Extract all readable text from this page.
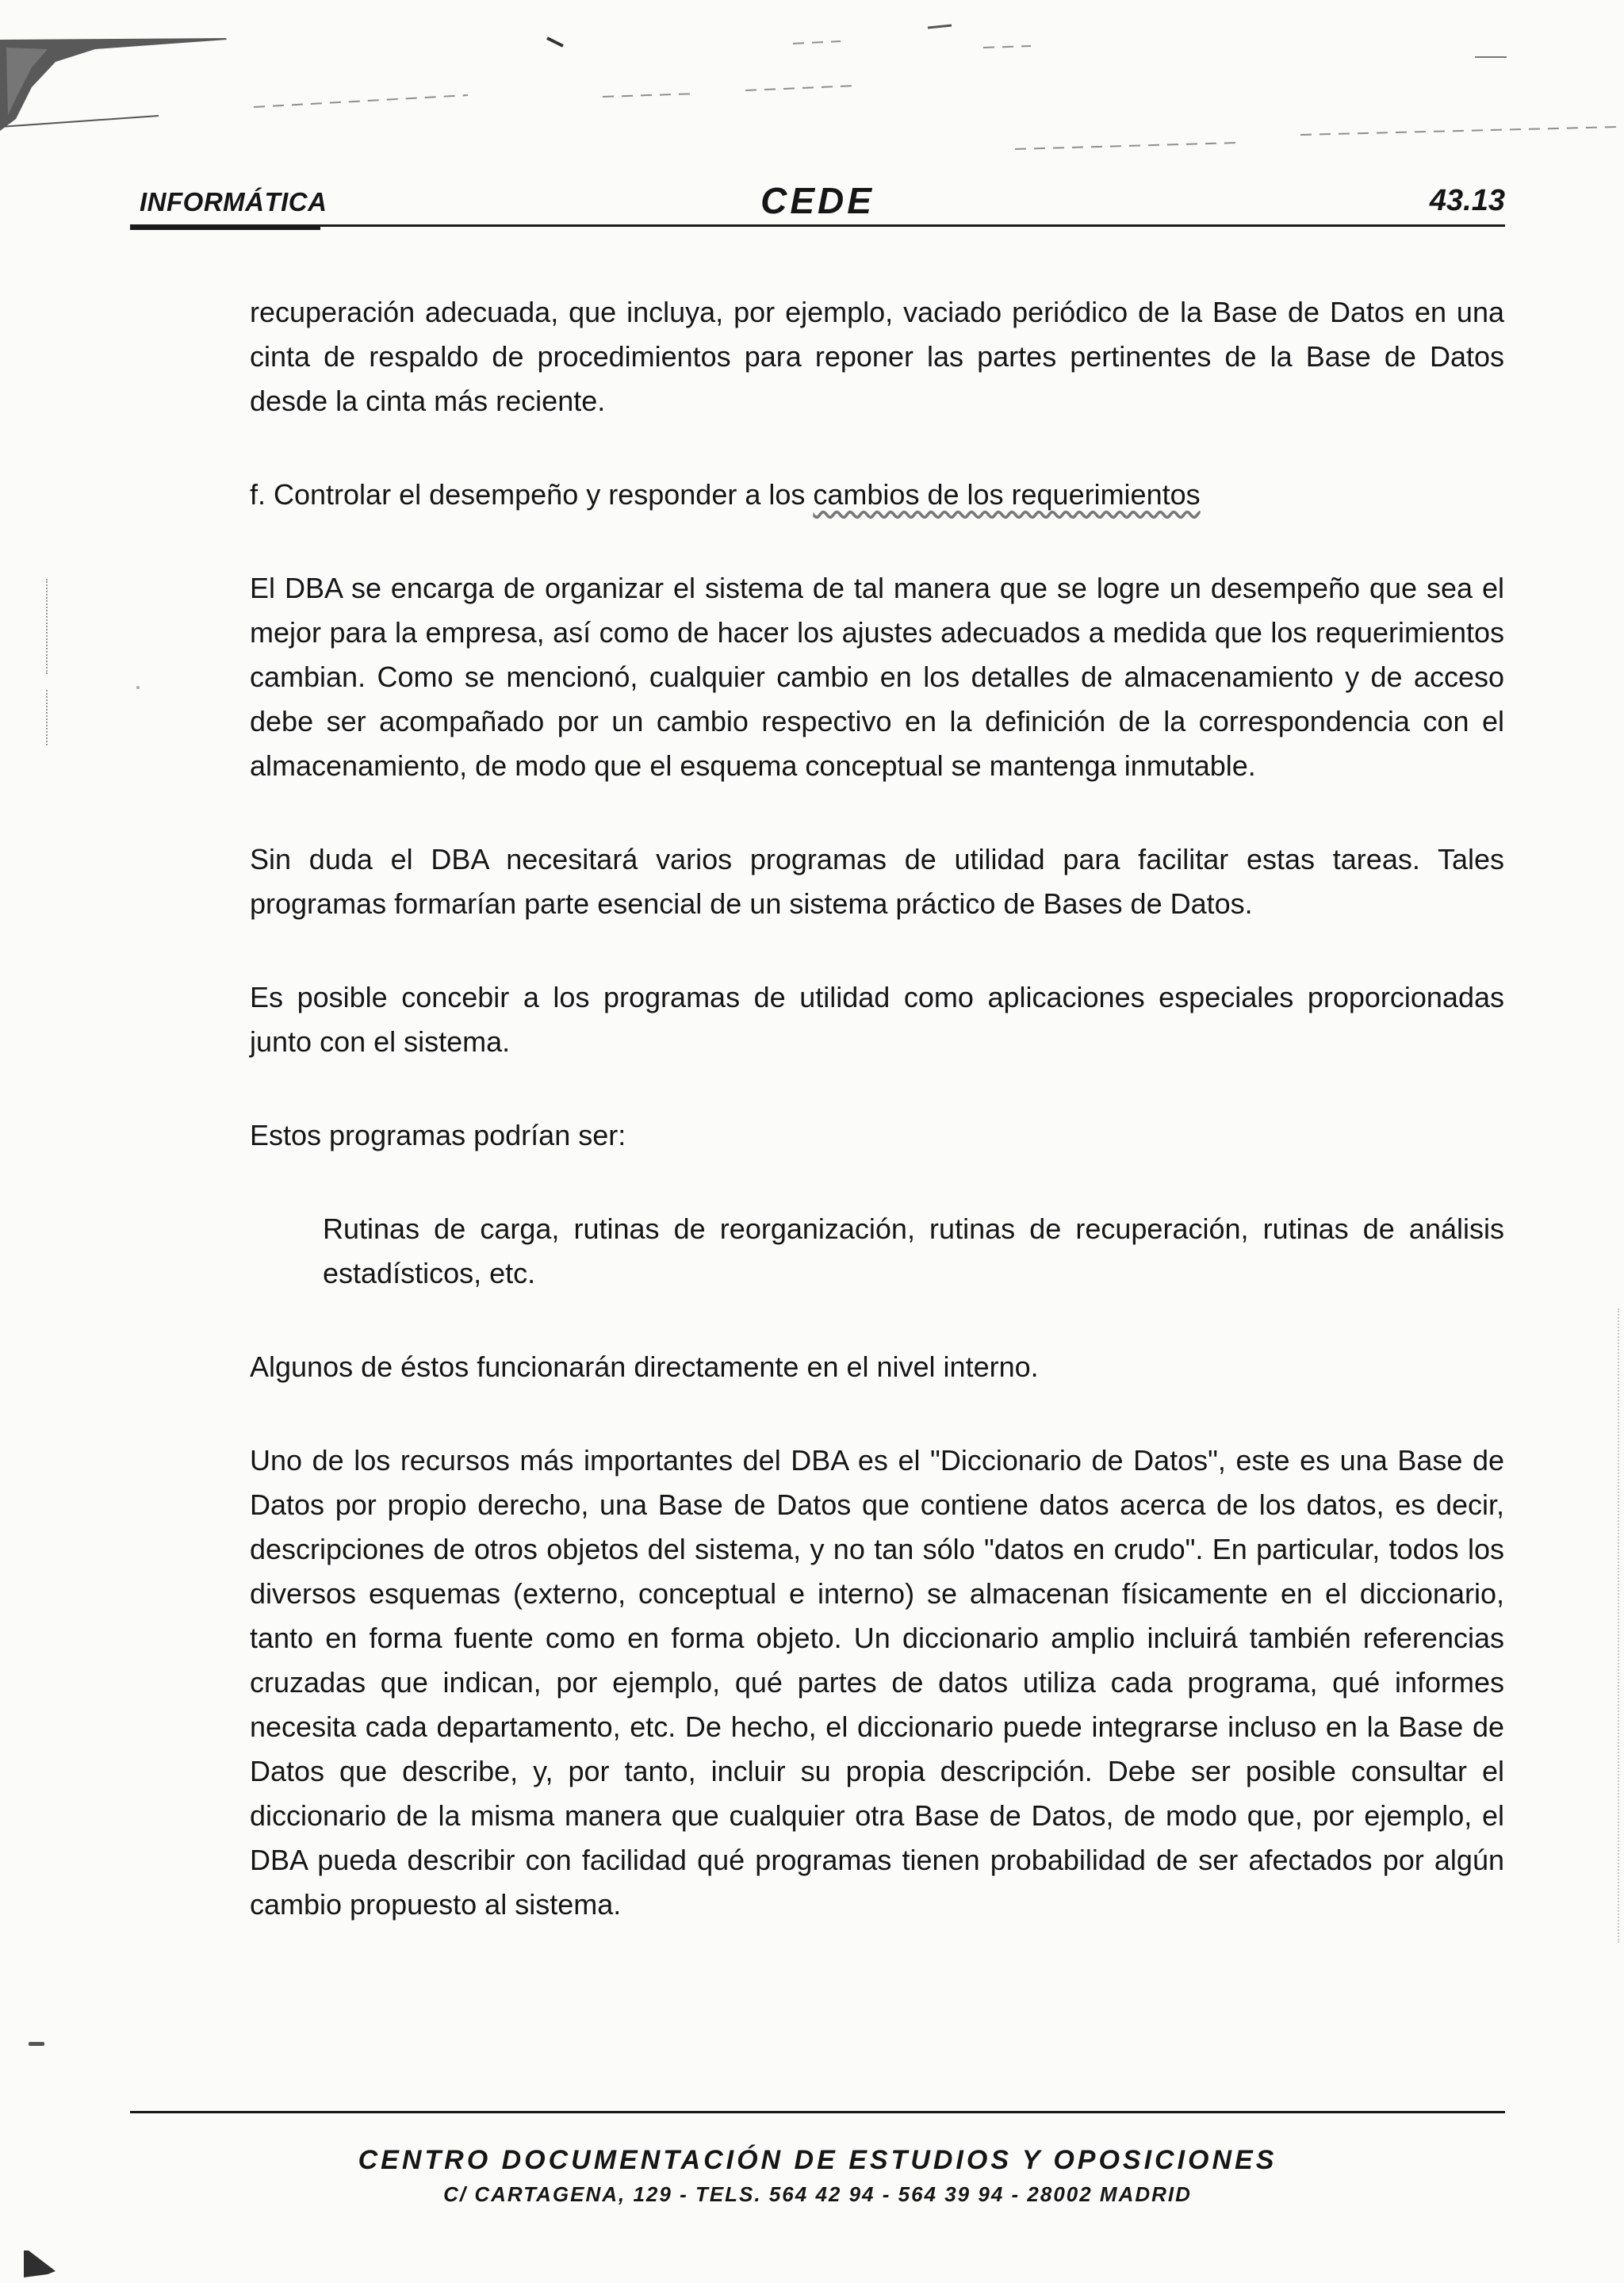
INFORMÁTICA	CEDE	43.13

recuperación adecuada, que incluya, por ejemplo, vaciado periódico de la Base de Datos en una cinta de respaldo de procedimientos para reponer las partes pertinentes de la Base de Datos desde la cinta más reciente.

f. Controlar el desempeño y responder a los cambios de los requerimientos

El DBA se encarga de organizar el sistema de tal manera que se logre un desempeño que sea el mejor para la empresa, así como de hacer los ajustes adecuados a medida que los requerimientos cambian. Como se mencionó, cualquier cambio en los detalles de almacenamiento y de acceso debe ser acompañado por un cambio respectivo en la definición de la correspondencia con el almacenamiento, de modo que el esquema conceptual se mantenga inmutable.

Sin duda el DBA necesitará varios programas de utilidad para facilitar estas tareas. Tales programas formarían parte esencial de un sistema práctico de Bases de Datos.

Es posible concebir a los programas de utilidad como aplicaciones especiales proporcionadas junto con el sistema.

Estos programas podrían ser:

Rutinas de carga, rutinas de reorganización, rutinas de recuperación, rutinas de análisis estadísticos, etc.

Algunos de éstos funcionarán directamente en el nivel interno.

Uno de los recursos más importantes del DBA es el "Diccionario de Datos", este es una Base de Datos por propio derecho, una Base de Datos que contiene datos acerca de los datos, es decir, descripciones de otros objetos del sistema, y no tan sólo "datos en crudo". En particular, todos los diversos esquemas (externo, conceptual e interno) se almacenan físicamente en el diccionario, tanto en forma fuente como en forma objeto. Un diccionario amplio incluirá también referencias cruzadas que indican, por ejemplo, qué partes de datos utiliza cada programa, qué informes necesita cada departamento, etc. De hecho, el diccionario puede integrarse incluso en la Base de Datos que describe, y, por tanto, incluir su propia descripción. Debe ser posible consultar el diccionario de la misma manera que cualquier otra Base de Datos, de modo que, por ejemplo, el DBA pueda describir con facilidad qué programas tienen probabilidad de ser afectados por algún cambio propuesto al sistema.

CENTRO DOCUMENTACIÓN DE ESTUDIOS Y OPOSICIONES
C/ CARTAGENA, 129 - TELS. 564 42 94 - 564 39 94 - 28002 MADRID
